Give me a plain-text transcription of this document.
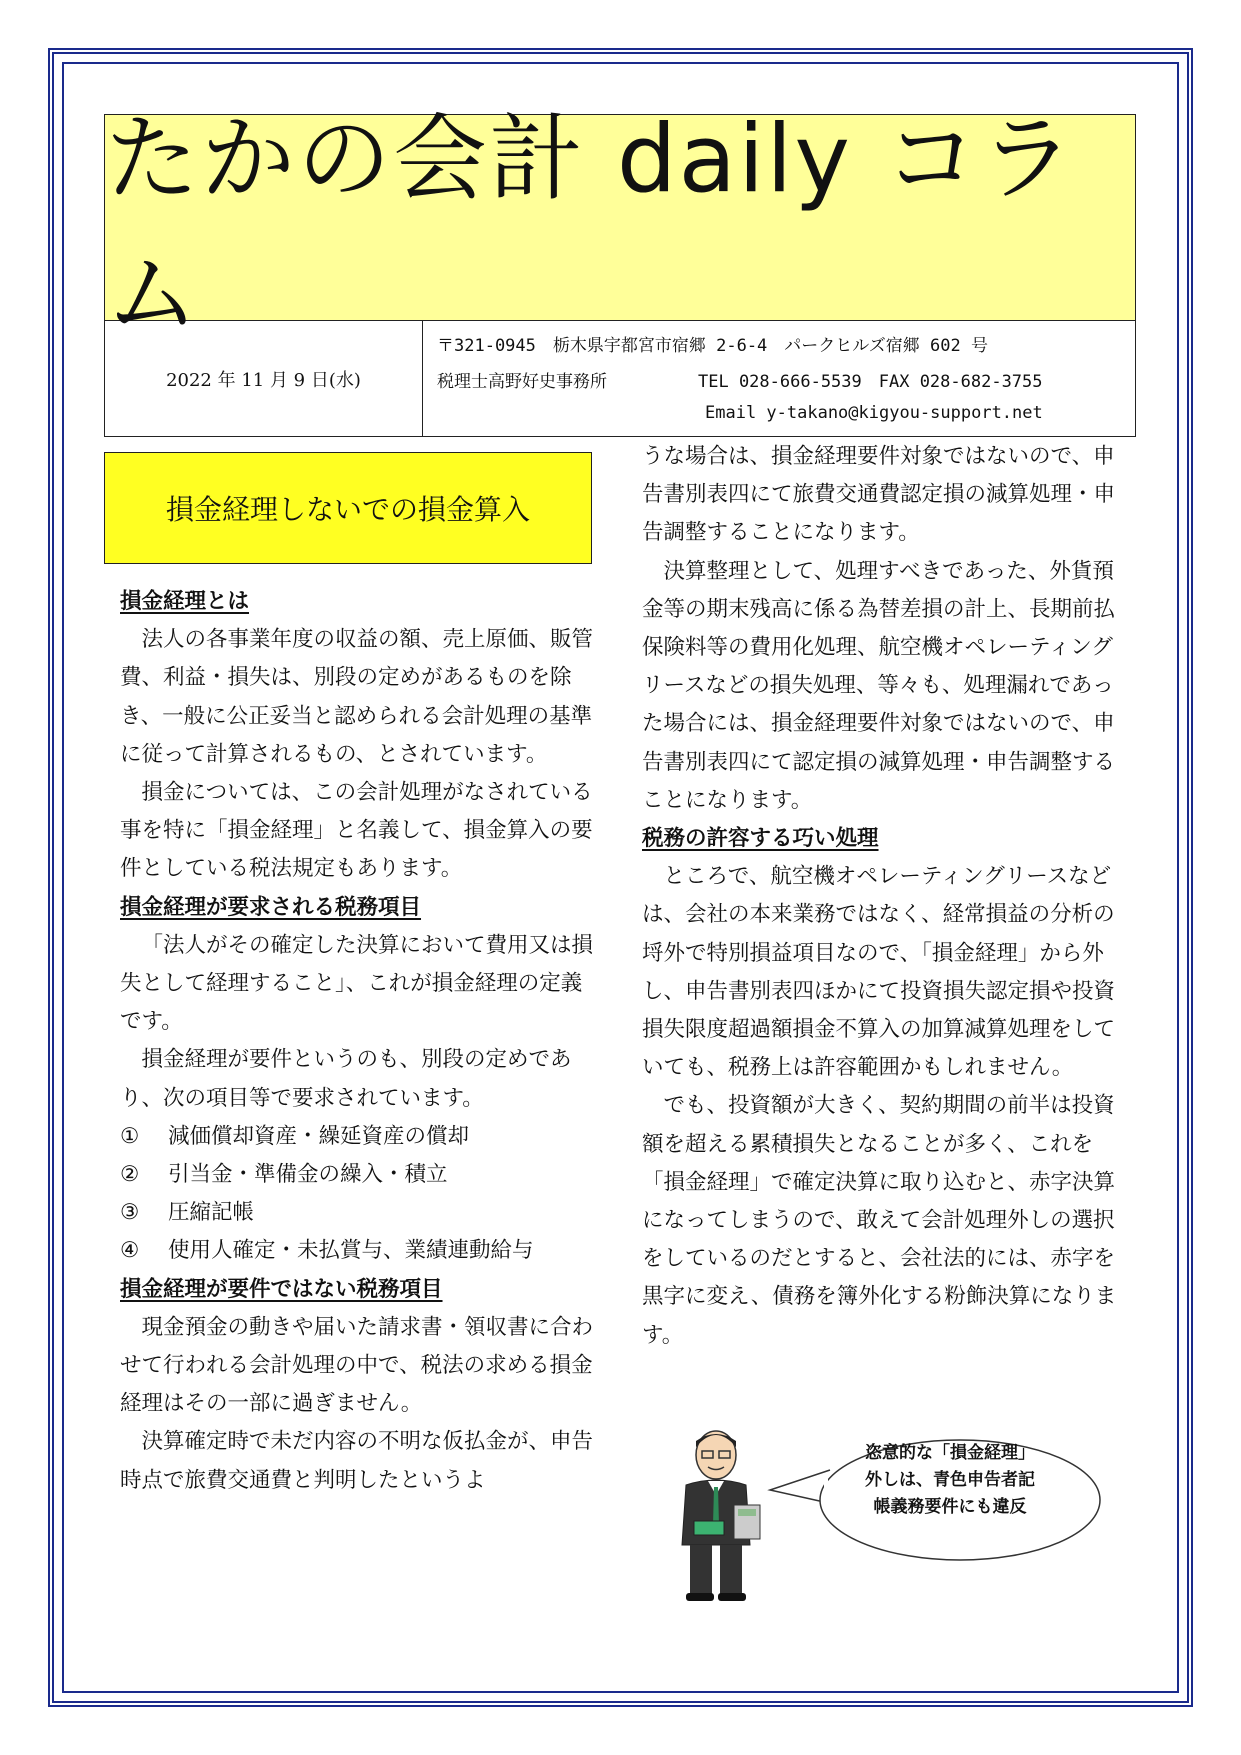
たかの会計 daily コラム
2022 年 11 月 9 日(水)
〒321-0945　栃木県宇都宮市宿郷 2-6-4　パークヒルズ宿郷 602 号
税理士高野好史事務所	TEL 028-666-5539　FAX 028-682-3755
Email y-takano@kigyou-support.net
損金経理しないでの損金算入
損金経理とは

法人の各事業年度の収益の額、売上原価、販管費、利益・損失は、別段の定めがあるものを除き、一般に公正妥当と認められる会計処理の基準に従って計算されるもの、とされています。

損金については、この会計処理がなされている事を特に「損金経理」と名義して、損金算入の要件としている税法規定もあります。

損金経理が要求される税務項目

「法人がその確定した決算において費用又は損失として経理すること」、これが損金経理の定義です。

損金経理が要件というのも、別段の定めであり、次の項目等で要求されています。

①	減価償却資産・繰延資産の償却
②	引当金・準備金の繰入・積立
③	圧縮記帳
④	使用人確定・未払賞与、業績連動給与
損金経理が要件ではない税務項目

現金預金の動きや届いた請求書・領収書に合わせて行われる会計処理の中で、税法の求める損金経理はその一部に過ぎません。

決算確定時で未だ内容の不明な仮払金が、申告時点で旅費交通費と判明したというよ

うな場合は、損金経理要件対象ではないので、申告書別表四にて旅費交通費認定損の減算処理・申告調整することになります。

決算整理として、処理すべきであった、外貨預金等の期末残高に係る為替差損の計上、長期前払保険料等の費用化処理、航空機オペレーティングリースなどの損失処理、等々も、処理漏れであった場合には、損金経理要件対象ではないので、申告書別表四にて認定損の減算処理・申告調整することになります。

税務の許容する巧い処理

ところで、航空機オペレーティングリースなどは、会社の本来業務ではなく、経常損益の分析の埒外で特別損益項目なので、「損金経理」から外し、申告書別表四ほかにて投資損失認定損や投資損失限度超過額損金不算入の加算減算処理をしていても、税務上は許容範囲かもしれません。

でも、投資額が大きく、契約期間の前半は投資額を超える累積損失となることが多く、これを「損金経理」で確定決算に取り込むと、赤字決算になってしまうので、敢えて会計処理外しの選択をしているのだとすると、会社法的には、赤字を黒字に変え、債務を簿外化する粉飾決算になります。

恣意的な「損金経理」
外しは、青色申告者記
帳義務要件にも違反
